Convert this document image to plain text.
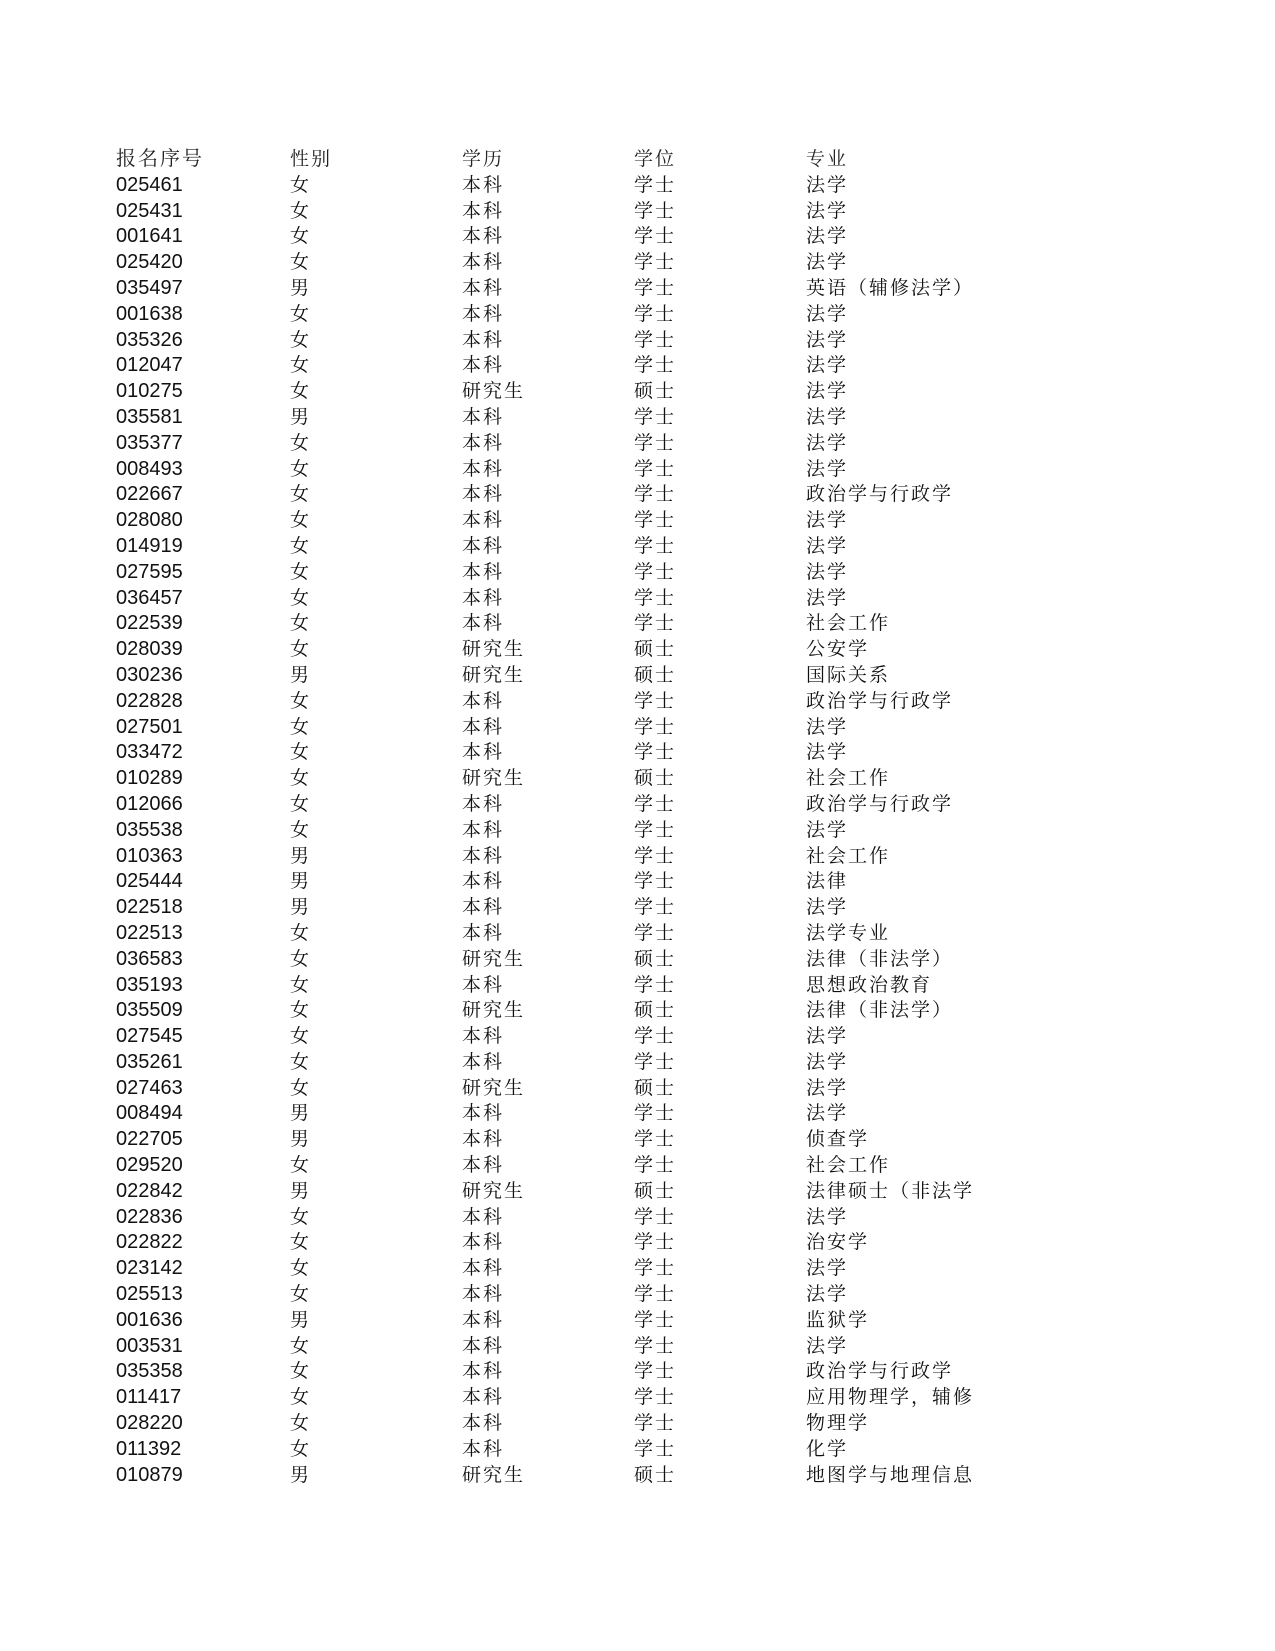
报名序号	性别	学历	学位	专业
025461	女	本科	学士	法学
025431	女	本科	学士	法学
001641	女	本科	学士	法学
025420	女	本科	学士	法学
035497	男	本科	学士	英语（辅修法学）
001638	女	本科	学士	法学
035326	女	本科	学士	法学
012047	女	本科	学士	法学
010275	女	研究生	硕士	法学
035581	男	本科	学士	法学
035377	女	本科	学士	法学
008493	女	本科	学士	法学
022667	女	本科	学士	政治学与行政学
028080	女	本科	学士	法学
014919	女	本科	学士	法学
027595	女	本科	学士	法学
036457	女	本科	学士	法学
022539	女	本科	学士	社会工作
028039	女	研究生	硕士	公安学
030236	男	研究生	硕士	国际关系
022828	女	本科	学士	政治学与行政学
027501	女	本科	学士	法学
033472	女	本科	学士	法学
010289	女	研究生	硕士	社会工作
012066	女	本科	学士	政治学与行政学
035538	女	本科	学士	法学
010363	男	本科	学士	社会工作
025444	男	本科	学士	法律
022518	男	本科	学士	法学
022513	女	本科	学士	法学专业
036583	女	研究生	硕士	法律（非法学）
035193	女	本科	学士	思想政治教育
035509	女	研究生	硕士	法律（非法学）
027545	女	本科	学士	法学
035261	女	本科	学士	法学
027463	女	研究生	硕士	法学
008494	男	本科	学士	法学
022705	男	本科	学士	侦查学
029520	女	本科	学士	社会工作
022842	男	研究生	硕士	法律硕士（非法学
022836	女	本科	学士	法学
022822	女	本科	学士	治安学
023142	女	本科	学士	法学
025513	女	本科	学士	法学
001636	男	本科	学士	监狱学
003531	女	本科	学士	法学
035358	女	本科	学士	政治学与行政学
011417	女	本科	学士	应用物理学，辅修
028220	女	本科	学士	物理学
011392	女	本科	学士	化学
010879	男	研究生	硕士	地图学与地理信息
